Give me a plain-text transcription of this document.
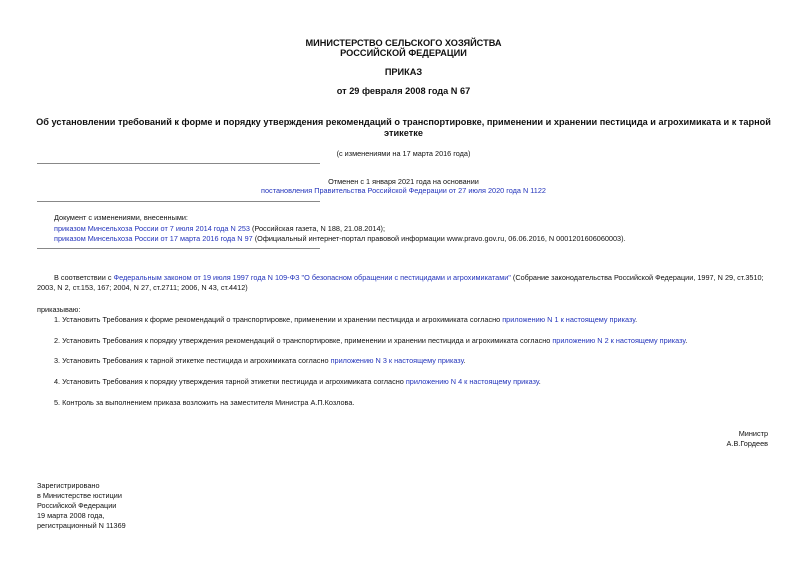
МИНИСТЕРСТВО СЕЛЬСКОГО ХОЗЯЙСТВА
РОССИЙСКОЙ ФЕДЕРАЦИИ
ПРИКАЗ
от 29 февраля 2008 года N 67
Об установлении требований к форме и порядку утверждения рекомендаций о транспортировке, применении и хранении пестицида и агрохимиката и к тарной
этикетке
(с изменениями на 17 марта 2016 года)
Отменен с 1 января 2021 года на основании
постановления Правительства Российской Федерации от 27 июля 2020 года N 1122
Документ с изменениями, внесенными:
приказом Минсельхоза России от 7 июля 2014 года N 253 (Российская газета, N 188, 21.08.2014);
приказом Минсельхоза России от 17 марта 2016 года N 97 (Официальный интернет-портал правовой информации www.pravo.gov.ru, 06.06.2016, N 0001201606060003).
В соответствии с Федеральным законом от 19 июля 1997 года N 109-ФЗ "О безопасном обращении с пестицидами и агрохимикатами" (Собрание законодательства Российской Федерации, 1997, N 29, ст.3510;
2003, N 2, ст.153, 167; 2004, N 27, ст.2711; 2006, N 43, ст.4412)
приказываю:
1. Установить Требования к форме рекомендаций о транспортировке, применении и хранении пестицида и агрохимиката согласно приложению N 1 к настоящему приказу.
2. Установить Требования к порядку утверждения рекомендаций о транспортировке, применении и хранении пестицида и агрохимиката согласно приложению N 2 к настоящему приказу.
3. Установить Требования к тарной этикетке пестицида и агрохимиката согласно приложению N 3 к настоящему приказу.
4. Установить Требования к порядку утверждения тарной этикетки пестицида и агрохимиката согласно приложению N 4 к настоящему приказу.
5. Контроль за выполнением приказа возложить на заместителя Министра А.П.Козлова.
Министр
А.В.Гордеев
Зарегистрировано
в Министерстве юстиции
Российской Федерации
19 марта 2008 года,
регистрационный N 11369
